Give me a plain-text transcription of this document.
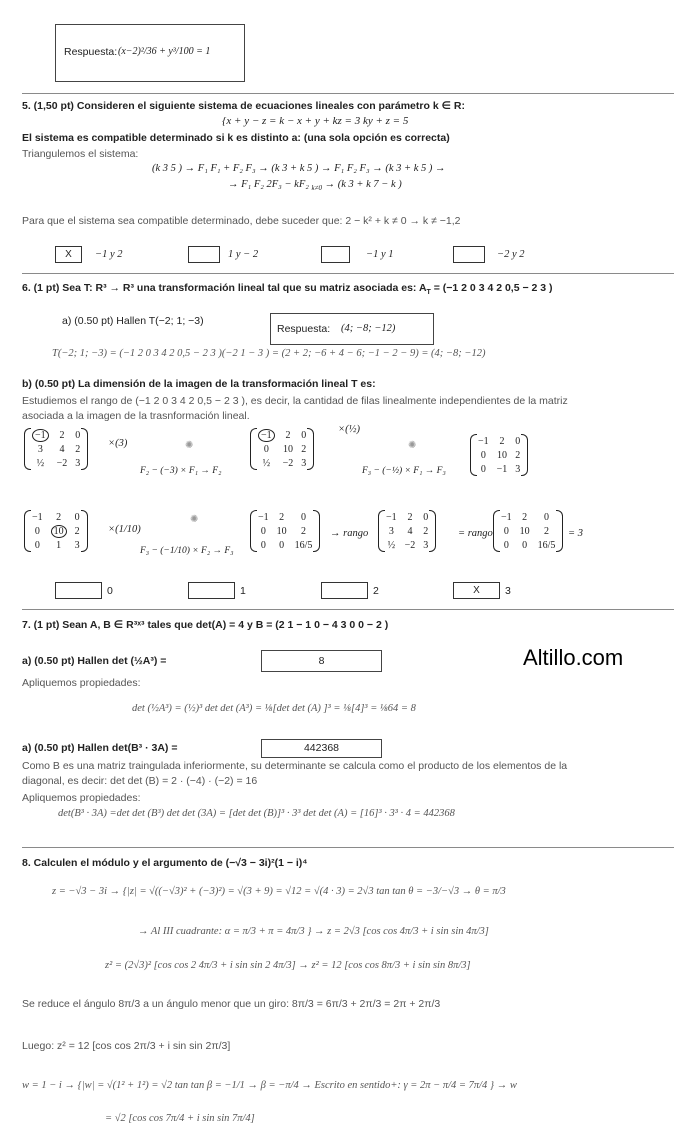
Respuesta: (x−2)²/36 + y³/100 = 1
5. (1,50 pt) Consideren el siguiente sistema de ecuaciones lineales con parámetro k ∈ R:
{x + y − z = k − x + y + kz = 3 ky + z = 5
El sistema es compatible determinado si k es distinto a: (una sola opción es correcta)
Triangulemos el sistema:
(k 3 5 ) → F₁ F₁ + F₂ F₃ → (k 3 + k 5 ) → F₁ F₂ F₃ → (k 3 + k 5 ) →
→ F₁ F₂ 2F₃ − kF₂ $_{k\ne 0}$ → (k 3 + k 7 − k )
Para que el sistema sea compatible determinado, debe suceder que: 2 − k² + k ≠ 0 → k ≠ −1,2
X	−1 y 2	1 y − 2	−1 y 1	−2 y 2
6. (1 pt) Sea T: R³ → R³ una transformación lineal tal que su matriz asociada es: $A_T = (-1$ 2 0 3 4 2 0,5 − 2 3 )
a) (0.50 pt) Hallen T(−2; 1; −3)
Respuesta: (4; −8; −12)
T(−2; 1; −3) = (−1 2 0 3 4 2 0,5 − 2 3 )(−2 1 − 3 ) = (2 + 2; −6 + 4 − 6; −1 − 2 − 9) = (4; −8; −12)
b) (0.50 pt) La dimensión de la imagen de la transformación lineal T es:
Estudiemos el rango de (−1 2 0 3 4 2 0,5 − 2 3 ), es decir, la cantidad de filas linealmente independientes de la matriz
asociada a la imagen de la trasnformación lineal.
−1	2	0
3	4	2
½	−2	3
×(3)	✺
F₂ − (−3) × F₁ → F₂
−1	2	0
0	10	2
½	−2	3
×(½)
✺
F₃ − (−½) × F₁ → F₃
−1	2	0
0	10	2
0	−1	3
−1	2	0
0	10	2
0	1	3
×(1/10)
✺
F₃ − (−1/10) × F₂ → F₃
−1	2	0
0	10	2
0	0	16/5
→ rango
−1	2	0
3	4	2
½	−2	3
= rango
−1	2	0
0	10	2
0	0	16/5
= 3
0	1	2	X	3
7. (1 pt) Sean A, B ∈ R³ˣ³ tales que det(A) = 4 y B = (2 1 − 1 0 − 4 3 0 0 − 2 )
a) (0.50 pt) Hallen det (½A³) =	8	Altillo.com
Apliquemos propiedades:
det (½A³) = (½)³ det det (A³) = ⅛[det det (A) ]³ = ⅛[4]³ = ⅛64 = 8
a) (0.50 pt) Hallen det(B³ · 3A) =	442368
Como B es una matriz traingulada inferiormente, su determinante se calcula como el producto de los elementos de la
diagonal, es decir: det det (B) = 2 · (−4) · (−2) = 16
Apliquemos propiedades:
det(B³ · 3A) =det det (B³) det det (3A) = [det det (B)]³ · 3³ det det (A) = [16]³ · 3³ · 4 = 442368
8. Calculen el módulo y el argumento de (−√3 − 3i)²(1 − i)⁴
z = −√3 − 3i → {|z| = √((−√3)² + (−3)²) = √(3 + 9) = √12 = √(4 · 3) = 2√3 tan tan θ = −3/−√3 → θ = π/3
→ Al III cuadrante: α = π/3 + π = 4π/3 } → z = 2√3 [cos cos 4π/3 + i sin sin 4π/3]
z² = (2√3)² [cos cos 2 4π/3 + i sin sin 2 4π/3] → z² = 12 [cos cos 8π/3 + i sin sin 8π/3]
Se reduce el ángulo 8π/3 a un ángulo menor que un giro: 8π/3 = 6π/3 + 2π/3 = 2π + 2π/3
Luego: z² = 12 [cos cos 2π/3 + i sin sin 2π/3]
w = 1 − i → {|w| = √(1² + 1²) = √2 tan tan β = −1/1 → β = −π/4 → Escrito en sentido+: γ = 2π − π/4 = 7π/4 } → w
= √2 [cos cos 7π/4 + i sin sin 7π/4]
